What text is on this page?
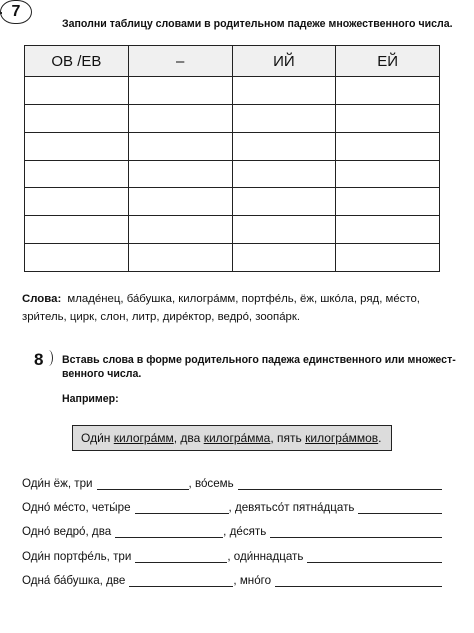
7
Заполни таблицу словами в родительном падеже множественного числа.
ОВ /ЕВ	–	ИЙ	ЕЙ

Слова: младе́нец, ба́бушка, килогра́мм, портфе́ль, ёж, шко́ла, ряд, ме́сто,
зри́тель, цирк, слон, литр, дире́ктор, ведро́, зоопа́рк.
8 Вставь слова в форме родительного падежа единственного или множест-
венного числа.
Например:
Оди́н
килогра́мм , два
килогра́мма , пять
килогра́ммов .
Оди́н ёж, три	, во́семь
Одно́ ме́сто, четы́ре	, девятьсо́т пятна́дцать
Одно́ ведро́, два	, де́сять
Оди́н портфе́ль, три	, оди́ннадцать
Одна́ ба́бушка, две	, мно́го
